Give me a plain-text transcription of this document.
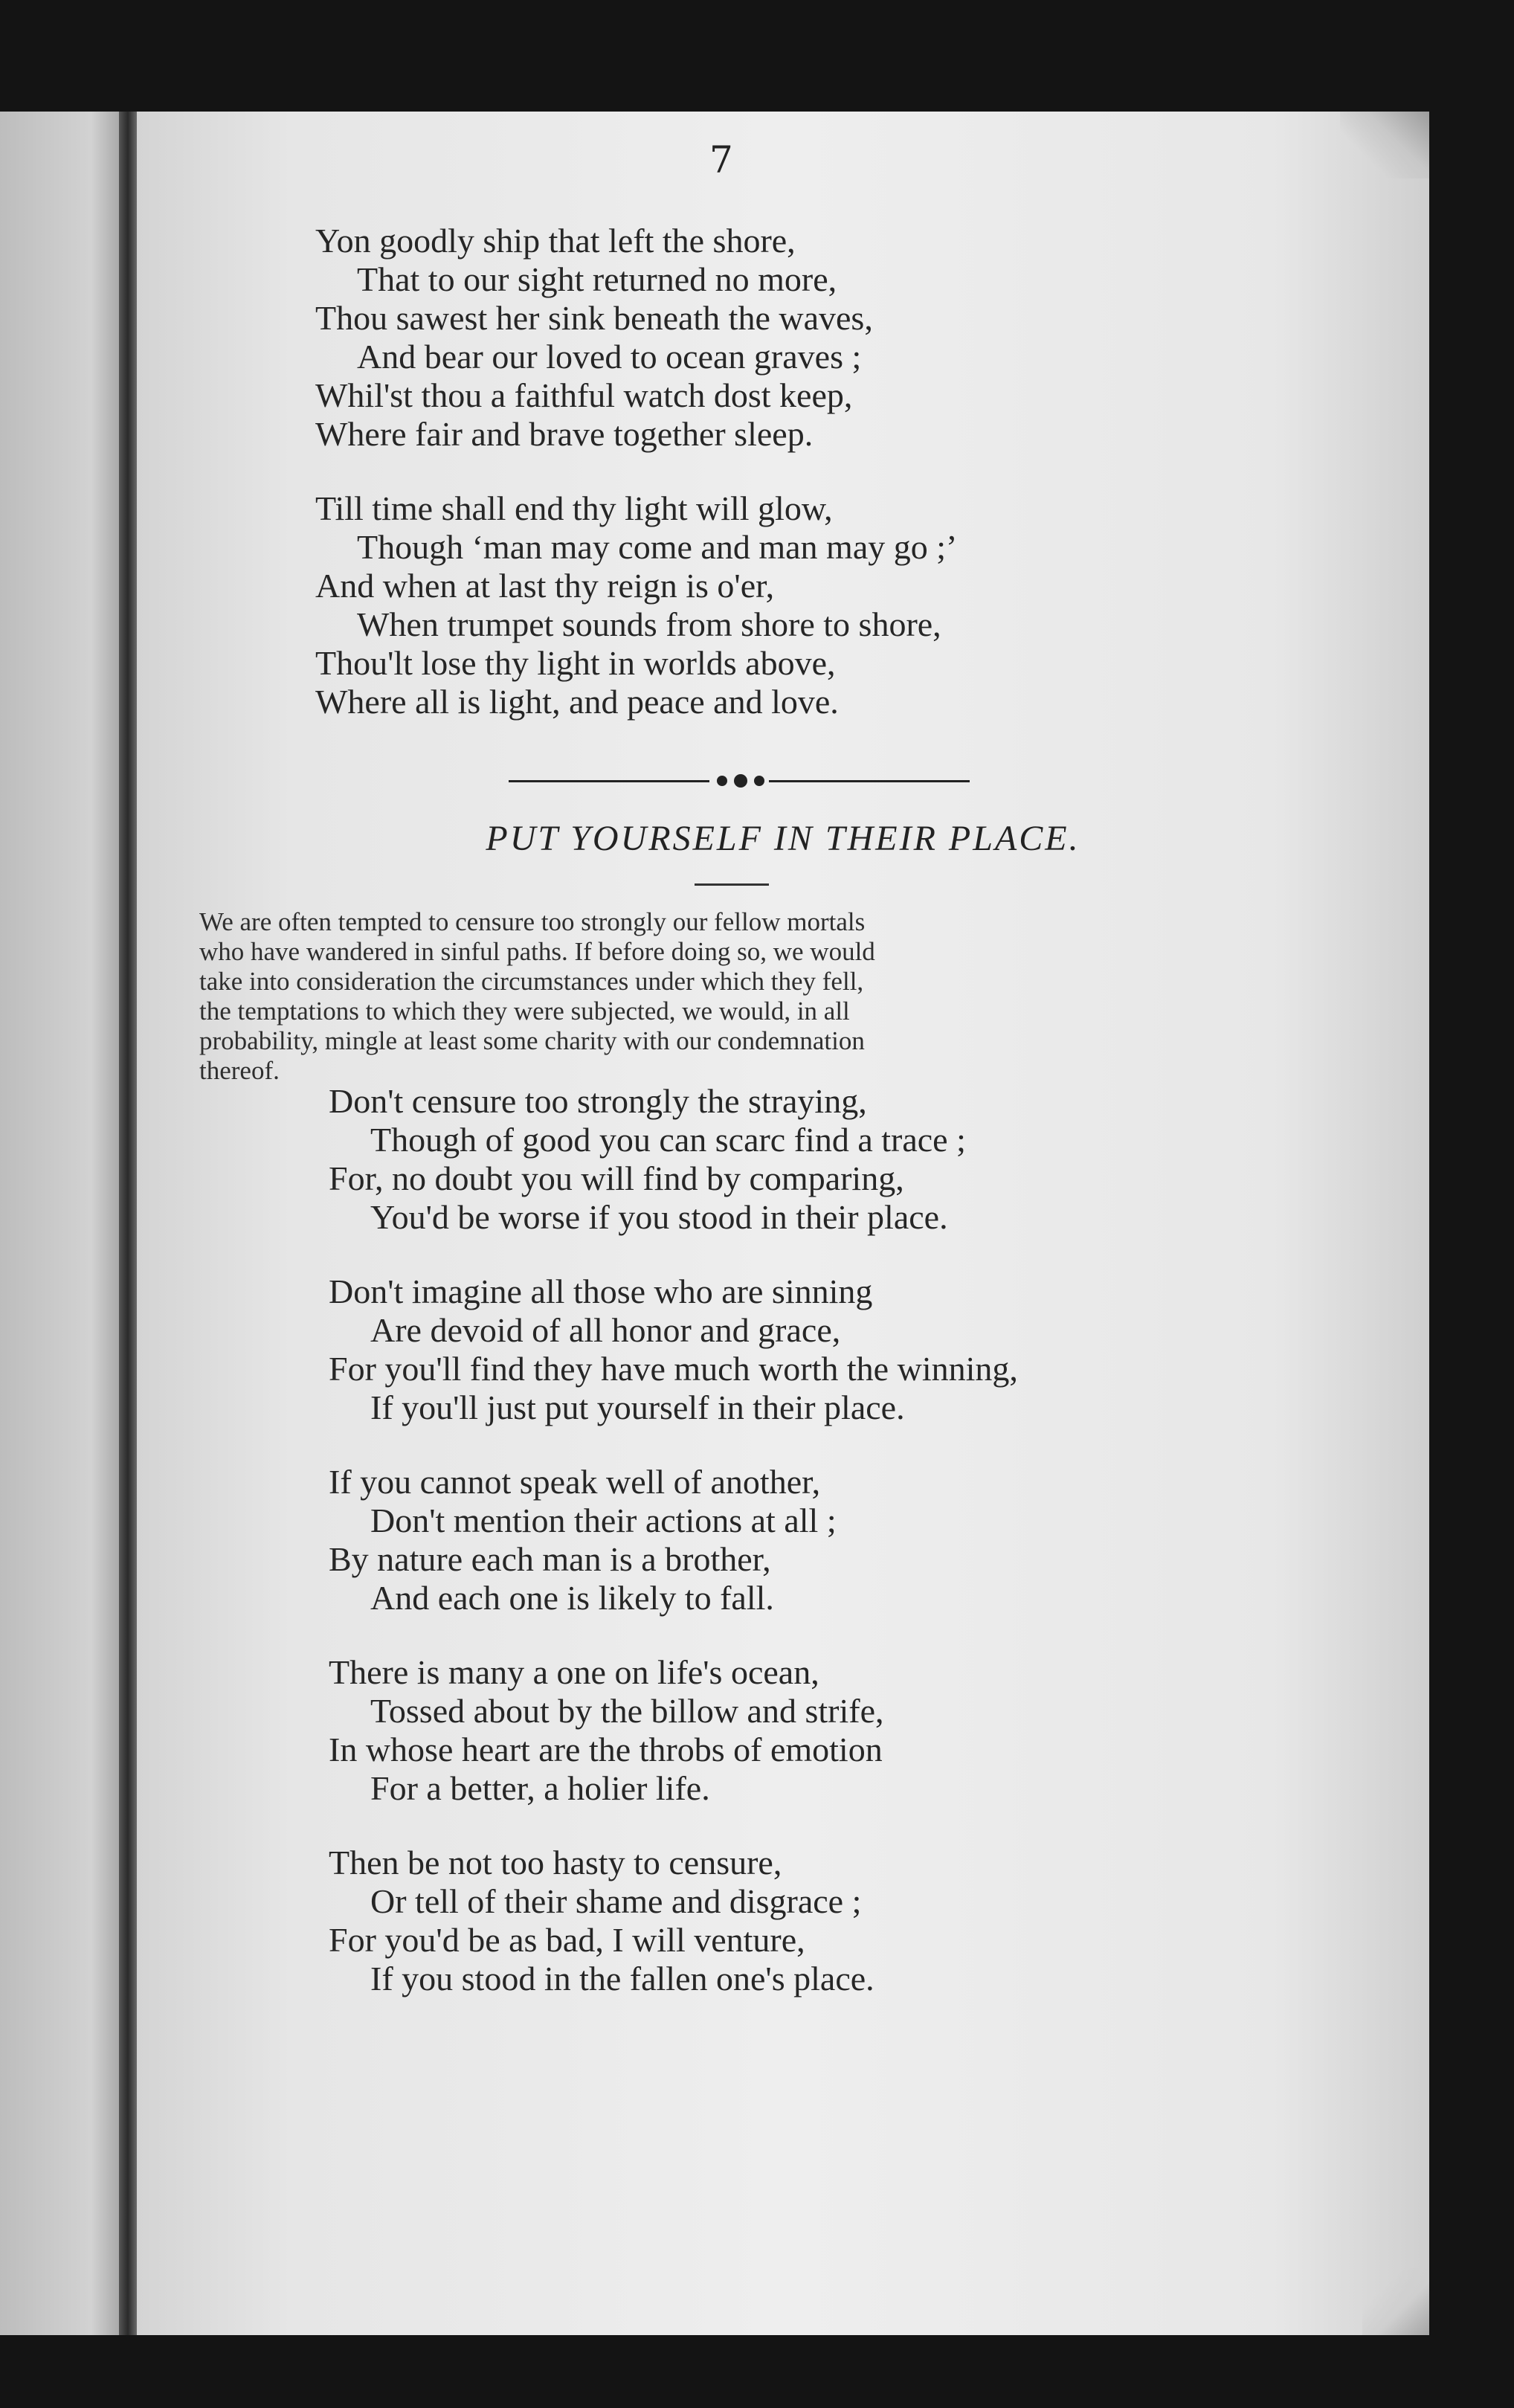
7
Yon goodly ship that left the shore,
That to our sight returned no more,
Thou sawest her sink beneath the waves,
And bear our loved to ocean graves ;
Whil'st thou a faithful watch dost keep,
Where fair and brave together sleep.
Till time shall end thy light will glow,
Though ‘man may come and man may go ;’
And when at last thy reign is o'er,
When trumpet sounds from shore to shore,
Thou'lt lose thy light in worlds above,
Where all is light, and peace and love.
PUT YOURSELF IN THEIR PLACE.
We are often tempted to censure too strongly our fellow mortals
who have wandered in sinful paths. If before doing so, we would
take into consideration the circumstances under which they fell,
the temptations to which they were subjected, we would, in all
probability, mingle at least some charity with our condemnation
thereof.
Don't censure too strongly the straying,
Though of good you can scarc find a trace ;
For, no doubt you will find by comparing,
You'd be worse if you stood in their place.
Don't imagine all those who are sinning
Are devoid of all honor and grace,
For you'll find they have much worth the winning,
If you'll just put yourself in their place.
If you cannot speak well of another,
Don't mention their actions at all ;
By nature each man is a brother,
And each one is likely to fall.
There is many a one on life's ocean,
Tossed about by the billow and strife,
In whose heart are the throbs of emotion
For a better, a holier life.
Then be not too hasty to censure,
Or tell of their shame and disgrace ;
For you'd be as bad, I will venture,
If you stood in the fallen one's place.
